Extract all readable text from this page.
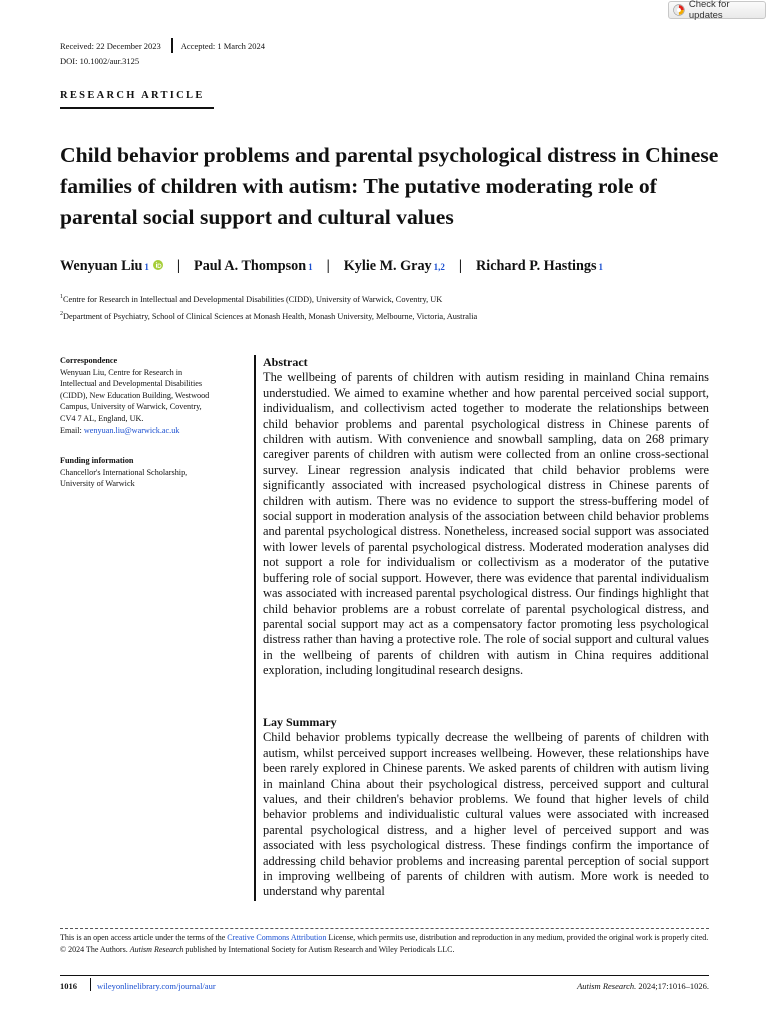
Check for updates
Received: 22 December 2023 Accepted: 1 March 2024
DOI: 10.1002/aur.3125
RESEARCH ARTICLE
Child behavior problems and parental psychological distress in Chinese families of children with autism: The putative moderating role of parental social support and cultural values
Wenyuan Liu 1 | Paul A. Thompson 1 | Kylie M. Gray 1,2 | Richard P. Hastings 1
$^1$Centre for Research in Intellectual and Developmental Disabilities (CIDD), University of Warwick, Coventry, UK
$^2$Department of Psychiatry, School of Clinical Sciences at Monash Health, Monash University, Melbourne, Victoria, Australia
Correspondence
Wenyuan Liu, Centre for Research in
Intellectual and Developmental Disabilities
(CIDD), New Education Building, Westwood
Campus, University of Warwick, Coventry,
CV4 7 AL, England, UK.
Email: wenyuan.liu@warwick.ac.uk
Funding information
Chancellor's International Scholarship,
University of Warwick
Abstract
The wellbeing of parents of children with autism residing in mainland China remains understudied. We aimed to examine whether and how parental perceived social support, individualism, and collectivism acted together to moderate the relationships between child behavior problems and parental psychological distress in Chinese parents of children with autism. With convenience and snowball sampling, data on 268 primary caregiver parents of children with autism were collected from an online cross-sectional survey. Linear regression analysis indicated that child behavior problems were significantly associated with increased psychological distress in Chinese parents of children with autism. There was no evidence to support the stress-buffering model of social support in moderation analysis of the association between child behavior problems and parental psychological distress. Nonetheless, increased social support was associated with lower levels of parental psychological distress. Moderated moderation analyses did not support a role for individualism or collectivism as a moderator of the putative buffering role of social support. However, there was evidence that parental individualism was associated with increased parental psychological distress. Our findings highlight that child behavior problems are a robust correlate of parental psychological distress, and parental social support may act as a compensatory factor promoting less psychological distress rather than having a protective role. The role of social support and cultural values in the wellbeing of parents of children with autism in China requires additional exploration, including longitudinal research designs.
Lay Summary
Child behavior problems typically decrease the wellbeing of parents of children with autism, whilst perceived support increases wellbeing. However, these relationships have been rarely explored in Chinese parents. We asked parents of children with autism living in mainland China about their psychological distress, perceived support and cultural values, and their children's behavior problems. We found that higher levels of child behavior problems and individualistic cultural values were associated with increased parental psychological distress, and a higher level of perceived support and was associated with less psychological distress. These findings confirm the importance of addressing child behavior problems and increasing parental perception of social support in improving wellbeing of parents of children with autism. More work is needed to understand why parental
This is an open access article under the terms of the Creative Commons Attribution License, which permits use, distribution and reproduction in any medium, provided the original work is properly cited.
© 2024 The Authors. Autism Research published by International Society for Autism Research and Wiley Periodicals LLC.
1016 wileyonlinelibrary.com/journal/aur	Autism Research. 2024;17:1016–1026.
